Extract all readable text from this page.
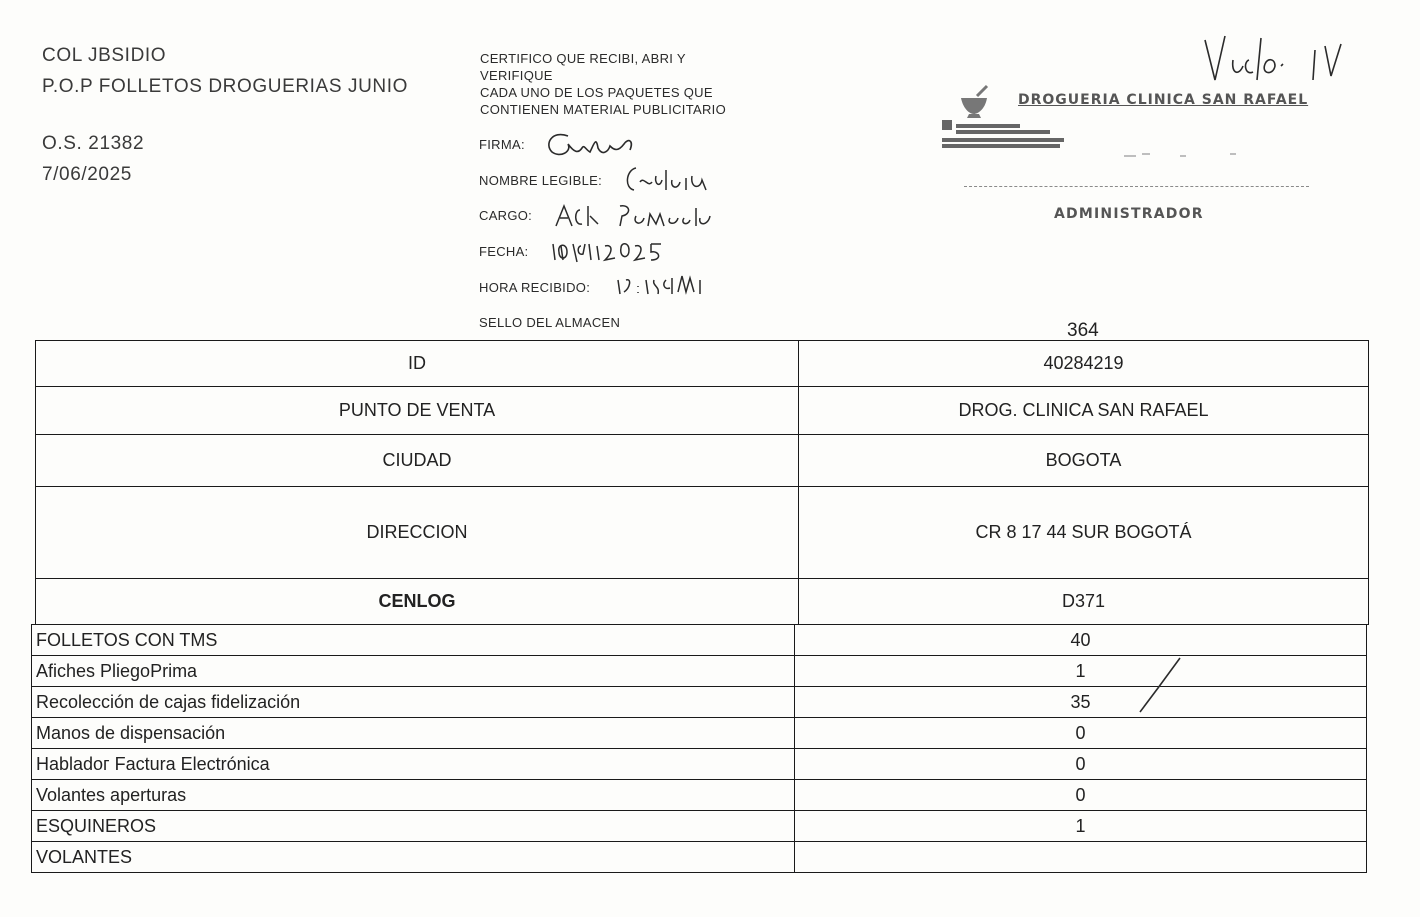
COL JBSIDIO
P.O.P FOLLETOS DROGUERIAS JUNIO
O.S. 21382
7/06/2025
CERTIFICO QUE RECIBI, ABRI Y
VERIFIQUE
CADA UNO DE LOS PAQUETES QUE
CONTIENEN MATERIAL PUBLICITARIO
FIRMA:
NOMBRE LEGIBLE:
CARGO:
FECHA:
HORA RECIBIDO:
SELLO DEL ALMACEN
DROGUERIA CLINICA SAN RAFAEL
ADMINISTRADOR
364
ID	40284219
PUNTO DE VENTA	DROG. CLINICA SAN RAFAEL
CIUDAD	BOGOTA
DIRECCION	CR 8 17 44 SUR BOGOTÁ
CENLOG	D371
FOLLETOS CON TMS	40
Afiches PliegoPrima	1
Recolección de cajas fidelización	35
Manos de dispensación	0
Habladoг Factura Electrónica	0
Volantes aperturas	0
ESQUINEROS	1
VOLANTES	
